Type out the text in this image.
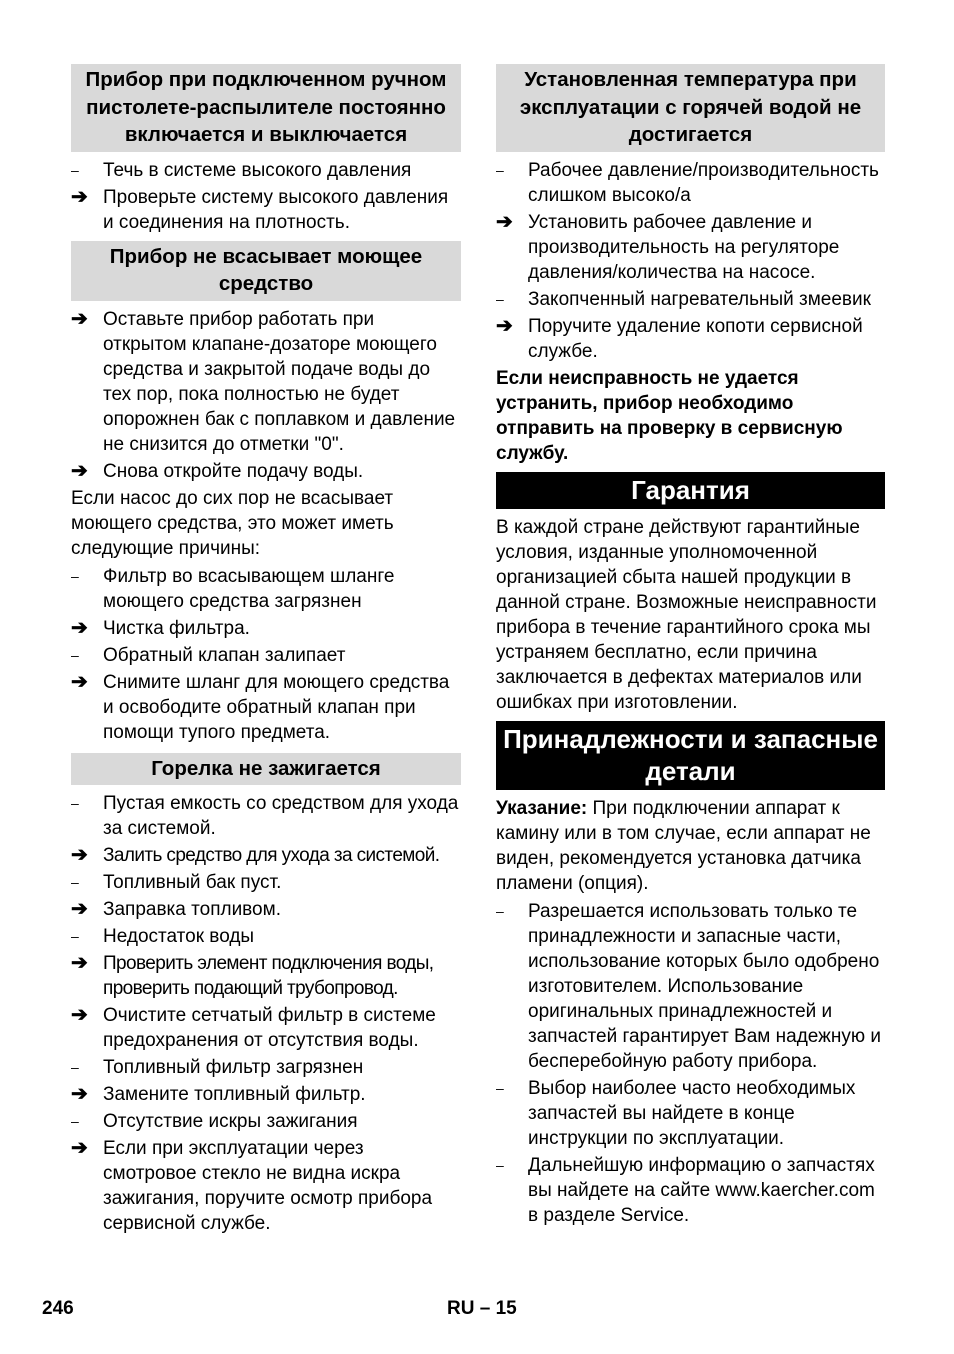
Прибор при подключенном ручном пистолете-распылителе постоянно включается и выключается
–	Течь в системе высокого давления
➔ Проверьте систему высокого давления и соединения на плотность.
Прибор не всасывает моющее средство
➔ Оставьте прибор работать при открытом клапане-дозаторе моющего средства и закрытой подаче воды до тех пор, пока полностью не будет опорожнен бак с поплавком и давление не снизится до отметки "0".
➔ Снова откройте подачу воды.
Если насос до сих пор не всасывает моющего средства, это может иметь следующие причины:
–	Фильтр во всасывающем шланге моющего средства загрязнен
➔ Чистка фильтра.
–	Обратный клапан залипает
➔ Снимите шланг для моющего средства и освободите обратный клапан при помощи тупого предмета.
Горелка не зажигается
–	Пустая емкость со средством для ухода за системой.
➔ Залить средство для ухода за системой.
–	Топливный бак пуст.
➔ Заправка топливом.
–	Недостаток воды
➔ Проверить элемент подключения воды, проверить подающий трубопровод.
➔ Очистите сетчатый фильтр в системе предохранения от отсутствия воды.
–	Топливный фильтр загрязнен
➔ Замените топливный фильтр.
–	Отсутствие искры зажигания
➔ Если при эксплуатации через смотровое стекло не видна искра зажигания, поручите осмотр прибора сервисной службе.
Установленная температура при эксплуатации с горячей водой не достигается
–	Рабочее давление/производительность слишком высоко/а
➔ Установить рабочее давление и производительность на регуляторе давления/количества на насосе.
–	Закопченный нагревательный змеевик
➔ Поручите удаление копоти сервисной службе.
Если неисправность не удается устранить, прибор необходимо отправить на проверку в сервисную службу.
Гарантия
В каждой стране действуют гарантийные условия, изданные уполномоченной организацией сбыта нашей продукции в данной стране. Возможные неисправности прибора в течение гарантийного срока мы устраняем бесплатно, если причина заключается в дефектах материалов или ошибках при изготовлении.
Принадлежности и запасные детали
Указание: При подключении аппарат к камину или в том случае, если аппарат не виден, рекомендуется установка датчика пламени (опция).
–	Разрешается использовать только те принадлежности и запасные части, использование которых было одобрено изготовителем. Использование оригинальных принадлежностей и запчастей гарантирует Вам надежную и бесперебойную работу прибора.
–	Выбор наиболее часто необходимых запчастей вы найдете в конце инструкции по эксплуатации.
–	Дальнейшую информацию о запчастях вы найдете на сайте www.kaercher.com в разделе Service.
246	RU – 15
